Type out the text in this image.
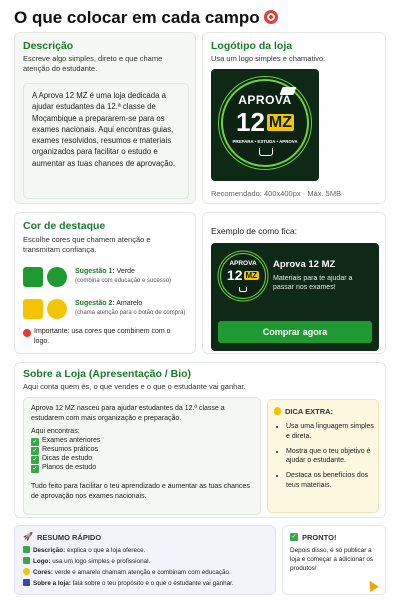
O que colocar em cada campo
Descrição
Escreve algo simples, direto e que chame atenção do estudante.
A Aprova 12 MZ é uma loja dedicada a ajudar estudantes da 12.ª classe de Moçambique a prepararem-se para os exames nacionais. Aqui encontras guias, exames resolvidos, resumos e materiais organizados para facilitar o estudo e aumentar as tuas chances de aprovação.
Logótipo da loja
Usa um logo simples e chamativo.
APROVA
12 MZ
PREPARA • ESTUDA • APROVA
Recomendado: 400x400px · Máx. 5MB
Cor de destaque
Escolhe cores que chamem atenção e transmitam confiança.
Sugestão 1: Verde
(combina com educação e sucesso)
Sugestão 2: Amarelo
(chama atenção para o botão de compra)
Importante: usa cores que combinem com o logo.
Exemplo de como fica:
APROVA
12 MZ
Aprova 12 MZ
Materiais para te ajudar a passar nos exames!
Comprar agora
Sobre a Loja (Apresentação / Bio)
Aqui conta quem és, o que vendes e o que o estudante vai ganhar.
Aprova 12 MZ nasceu para ajudar estudantes da 12.ª classe a estudarem com mais organização e preparação.
Aqui encontras:
✓ Exames anteriores
✓ Resumos práticos
✓ Dicas de estudo
✓ Planos de estudo
Tudo feito para facilitar o teu aprendizado e aumentar as tuas chances de aprovação nos exames nacionais.
DICA EXTRA:
• Usa uma linguagem simples e direta.
• Mostra que o teu objetivo é ajudar o estudante.
• Destaca os benefícios dos teus materiais.
🚀 RESUMO RÁPIDO
Descrição: explica o que a loja oferece.
Logo: usa um logo simples e profissional.
Cores: verde e amarelo chamam atenção e combinam com educação.
Sobre a loja: fala sobre o teu propósito e o que o estudante vai ganhar.
✓ PRONTO!
Depois disso, é só publicar a loja e começar a adicionar os produtos!
